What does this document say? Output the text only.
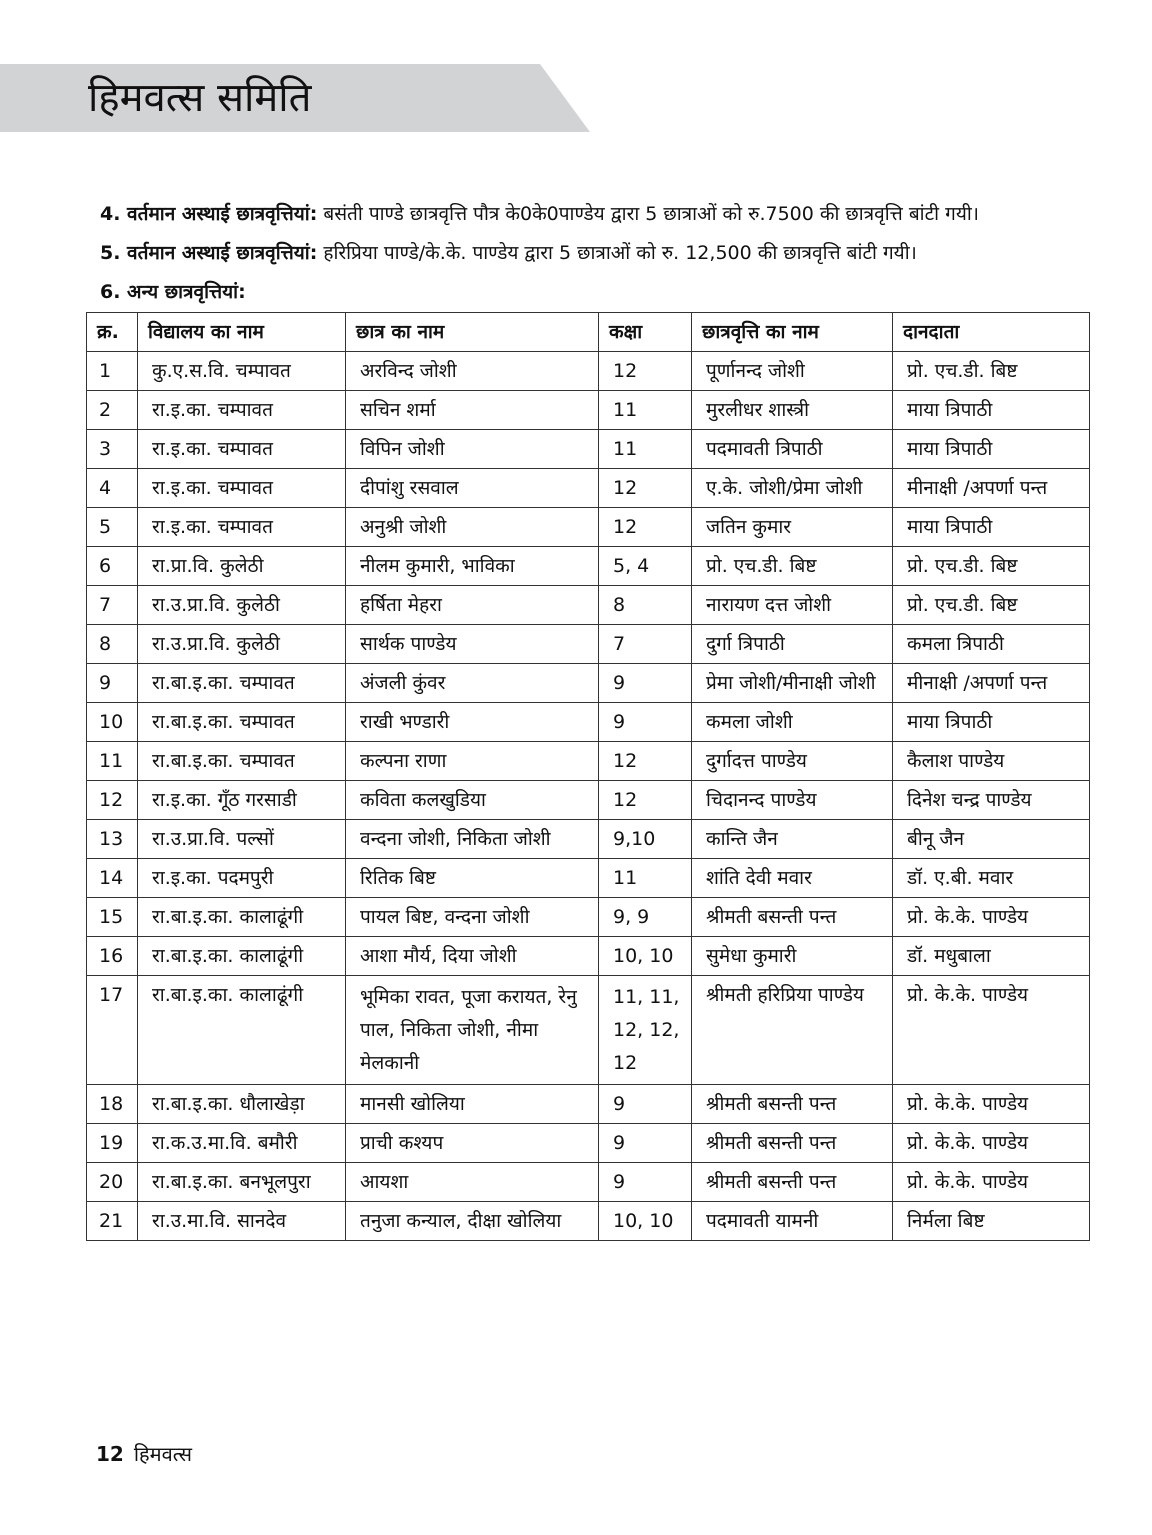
हिमवत्स समिति

4. वर्तमान अस्थाई छात्रवृत्तियां: बसंती पाण्डे छात्रवृत्ति पौत्र के0के0पाण्डेय द्वारा 5 छात्राओं को रु.7500 की छात्रवृत्ति बांटी गयी।

5. वर्तमान अस्थाई छात्रवृत्तियां: हरिप्रिया पाण्डे/के.के. पाण्डेय द्वारा 5 छात्राओं को रु. 12,500 की छात्रवृत्ति बांटी गयी।

6. अन्य छात्रवृत्तियां:

क्र.	विद्यालय का नाम	छात्र का नाम	कक्षा	छात्रवृत्ति का नाम	दानदाता
1	कु.ए.स.वि. चम्पावत	अरविन्द जोशी	12	पूर्णानन्द जोशी	प्रो. एच.डी. बिष्ट
2	रा.इ.का. चम्पावत	सचिन शर्मा	11	मुरलीधर शास्त्री	माया त्रिपाठी
3	रा.इ.का. चम्पावत	विपिन जोशी	11	पदमावती त्रिपाठी	माया त्रिपाठी
4	रा.इ.का. चम्पावत	दीपांशु रसवाल	12	ए.के. जोशी/प्रेमा जोशी	मीनाक्षी /अपर्णा पन्त
5	रा.इ.का. चम्पावत	अनुश्री जोशी	12	जतिन कुमार	माया त्रिपाठी
6	रा.प्रा.वि. कुलेठी	नीलम कुमारी, भाविका	5, 4	प्रो. एच.डी. बिष्ट	प्रो. एच.डी. बिष्ट
7	रा.उ.प्रा.वि. कुलेठी	हर्षिता मेहरा	8	नारायण दत्त जोशी	प्रो. एच.डी. बिष्ट
8	रा.उ.प्रा.वि. कुलेठी	सार्थक पाण्डेय	7	दुर्गा त्रिपाठी	कमला त्रिपाठी
9	रा.बा.इ.का. चम्पावत	अंजली कुंवर	9	प्रेमा जोशी/मीनाक्षी जोशी	मीनाक्षी /अपर्णा पन्त
10	रा.बा.इ.का. चम्पावत	राखी भण्डारी	9	कमला जोशी	माया त्रिपाठी
11	रा.बा.इ.का. चम्पावत	कल्पना राणा	12	दुर्गादत्त पाण्डेय	कैलाश पाण्डेय
12	रा.इ.का. गूँठ गरसाडी	कविता कलखुडिया	12	चिदानन्द पाण्डेय	दिनेश चन्द्र पाण्डेय
13	रा.उ.प्रा.वि. पल्सों	वन्दना जोशी, निकिता जोशी	9,10	कान्ति जैन	बीनू जैन
14	रा.इ.का. पदमपुरी	रितिक बिष्ट	11	शांति देवी मवार	डॉ. ए.बी. मवार
15	रा.बा.इ.का. कालाढूंगी	पायल बिष्ट, वन्दना जोशी	9, 9	श्रीमती बसन्ती पन्त	प्रो. के.के. पाण्डेय
16	रा.बा.इ.का. कालाढूंगी	आशा मौर्य, दिया जोशी	10, 10	सुमेधा कुमारी	डॉ. मधुबाला
17	रा.बा.इ.का. कालाढूंगी	भूमिका रावत, पूजा करायत, रेनु पाल, निकिता जोशी, नीमा मेलकानी	11, 11, 12, 12, 12	श्रीमती हरिप्रिया पाण्डेय	प्रो. के.के. पाण्डेय
18	रा.बा.इ.का. धौलाखेड़ा	मानसी खोलिया	9	श्रीमती बसन्ती पन्त	प्रो. के.के. पाण्डेय
19	रा.क.उ.मा.वि. बमौरी	प्राची कश्यप	9	श्रीमती बसन्ती पन्त	प्रो. के.के. पाण्डेय
20	रा.बा.इ.का. बनभूलपुरा	आयशा	9	श्रीमती बसन्ती पन्त	प्रो. के.के. पाण्डेय
21	रा.उ.मा.वि. सानदेव	तनुजा कन्याल, दीक्षा खोलिया	10, 10	पदमावती यामनी	निर्मला बिष्ट
12 हिमवत्स
